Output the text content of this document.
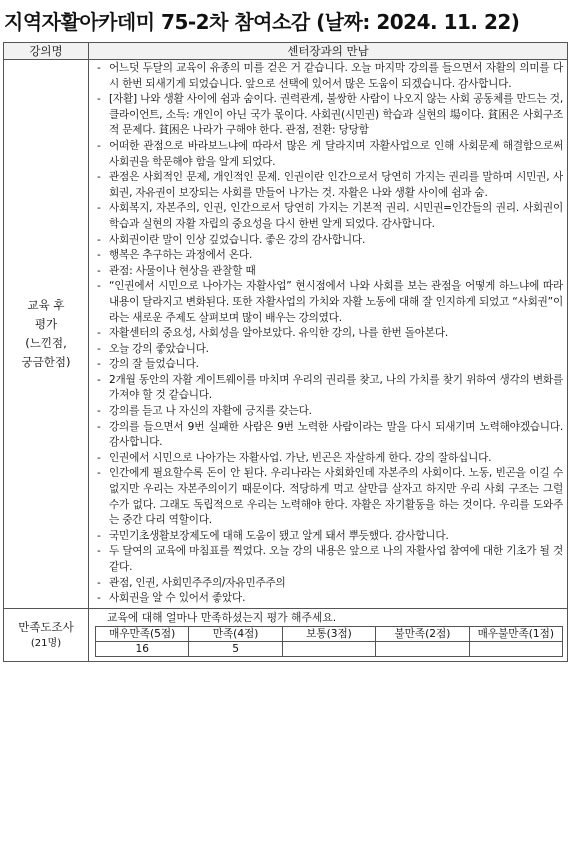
지역자활아카데미 75-2차 참여소감 (날짜: 2024. 11. 22)
강의명	센터장과의 만남

교육 후
평가
(느낀점,
궁금한점)

- 어느덧 두달의 교육이 유종의 미를 걷은 거 같습니다. 오늘 마지막 강의를 들으면서 자활의 의미를 다시 한번 되새기게 되었습니다. 앞으로 선택에 있어서 많은 도움이 되겠습니다. 감사합니다.
- [자활] 나와 생활 사이에 쉼과 숨이다. 권력관계, 불쌍한 사람이 나오지 않는 사회 공동체를 만드는 것, 클라이언트, 소득: 개인이 아닌 국가 몫이다. 사회권(시민권) 학습과 실현의 場이다. 貧困은 사회구조적 문제다. 貧困은 나라가 구해야 한다. 관점, 전환: 당당함
- 어떠한 관점으로 바라보느냐에 따라서 많은 게 달라지며 자활사업으로 인해 사회문제 해결함으로써 사회권을 학문해야 함을 알게 되었다.
- 관점은 사회적인 문제, 개인적인 문제. 인권이란 인간으로서 당연히 가지는 권리를 말하며 시민권, 사회권, 자유권이 보장되는 사회를 만들어 나가는 것. 자활은 나와 생활 사이에 쉼과 숨.
- 사회복지, 자본주의, 인권, 인간으로서 당연히 가지는 기본적 권리. 시민권=인간들의 권리. 사회권이 학습과 실현의 자활 자립의 중요성을 다시 한번 알게 되었다. 감사합니다.
- 사회권이란 말이 인상 깊었습니다. 좋은 강의 감사합니다.
- 행복은 추구하는 과정에서 온다.
- 관점: 사물이나 현상을 관찰할 때
- “인권에서 시민으로 나아가는 자활사업” 현시점에서 나와 사회를 보는 관점을 어떻게 하느냐에 따라 내용이 달라지고 변화된다. 또한 자활사업의 가치와 자활 노동에 대해 잘 인지하게 되었고 “사회권”이라는 새로운 주제도 살펴보며 많이 배우는 강의였다.
- 자활센터의 중요성, 사회성을 알아보았다. 유익한 강의, 나를 한번 돌아본다.
- 오늘 강의 좋았습니다.
- 강의 잘 들었습니다.
- 2개월 동안의 자활 게이트웨이를 마치며 우리의 권리를 찾고, 나의 가치를 찾기 위하여 생각의 변화를 가져야 할 것 같습니다.
- 강의를 듣고 나 자신의 자활에 긍지를 갖는다.
- 강의를 들으면서 9번 실패한 사람은 9번 노력한 사람이라는 말을 다시 되새기며 노력해야겠습니다. 감사합니다.
- 인권에서 시민으로 나아가는 자활사업. 가난, 빈곤은 자살하게 한다. 강의 잘하십니다.
- 인간에게 필요할수록 돈이 안 된다. 우리나라는 사회화인데 자본주의 사회이다. 노동, 빈곤을 이길 수 없지만 우리는 자본주의이기 때문이다. 적당하게 먹고 살만큼 살자고 하지만 우리 사회 구조는 그럴 수가 없다. 그래도 독립적으로 우리는 노력해야 한다. 자활은 자기활동을 하는 것이다. 우리를 도와주는 중간 다리 역할이다.
- 국민기초생활보장제도에 대해 도움이 됐고 알게 돼서 뿌듯했다. 감사합니다.
- 두 달여의 교육에 마침표를 찍었다. 오늘 강의 내용은 앞으로 나의 자활사업 참여에 대한 기초가 될 것 같다.
- 관점, 인권, 사회민주주의/자유민주주의
- 사회권을 알 수 있어서 좋았다.

만족도조사
(21명)

교육에 대해 얼마나 만족하셨는지 평가 해주세요.
매우만족(5점)	만족(4점)	보통(3점)	불만족(2점)	매우불만족(1점)
16	5			
